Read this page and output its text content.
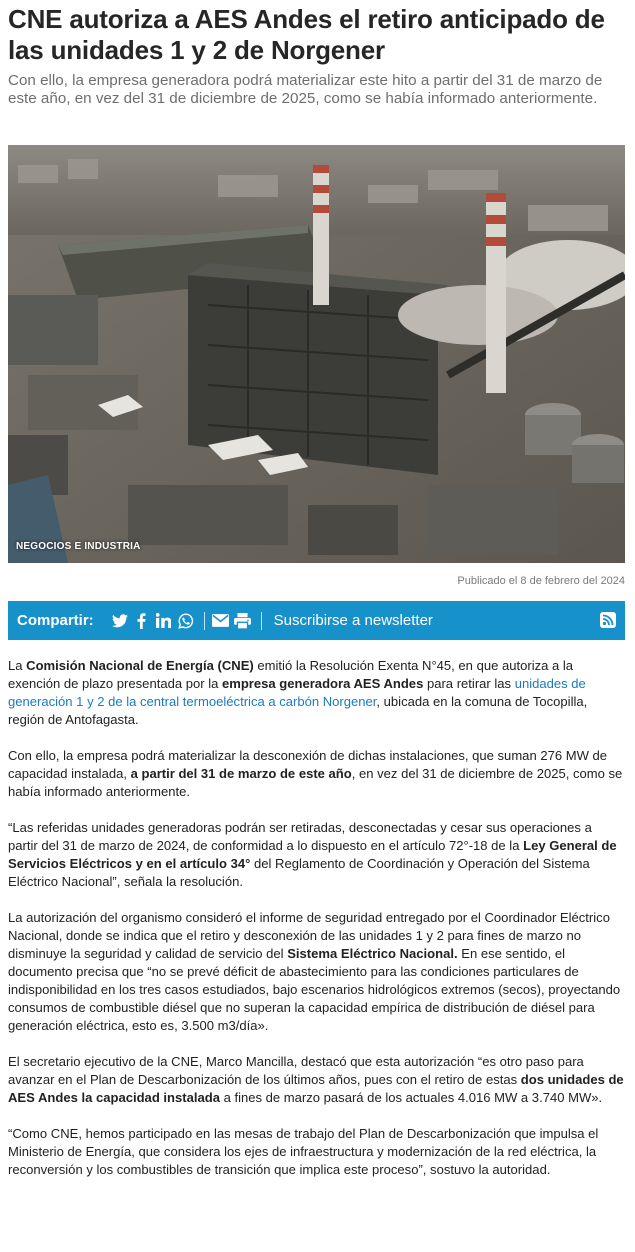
CNE autoriza a AES Andes el retiro anticipado de las unidades 1 y 2 de Norgener

Con ello, la empresa generadora podrá materializar este hito a partir del 31 de marzo de este año, en vez del 31 de diciembre de 2025, como se había informado anteriormente.

NEGOCIOS E INDUSTRIA
Publicado el 8 de febrero del 2024
Compartir:	Suscribirse a newsletter

La Comisión Nacional de Energía (CNE) emitió la Resolución Exenta N°45, en que autoriza a la exención de plazo presentada por la empresa generadora AES Andes para retirar las unidades de generación 1 y 2 de la central termoeléctrica a carbón Norgener, ubicada en la comuna de Tocopilla, región de Antofagasta.

Con ello, la empresa podrá materializar la desconexión de dichas instalaciones, que suman 276 MW de capacidad instalada, a partir del 31 de marzo de este año, en vez del 31 de diciembre de 2025, como se había informado anteriormente.

“Las referidas unidades generadoras podrán ser retiradas, desconectadas y cesar sus operaciones a partir del 31 de marzo de 2024, de conformidad a lo dispuesto en el artículo 72°-18 de la Ley General de Servicios Eléctricos y en el artículo 34° del Reglamento de Coordinación y Operación del Sistema Eléctrico Nacional”, señala la resolución.

La autorización del organismo consideró el informe de seguridad entregado por el Coordinador Eléctrico Nacional, donde se indica que el retiro y desconexión de las unidades 1 y 2 para fines de marzo no disminuye la seguridad y calidad de servicio del Sistema Eléctrico Nacional. En ese sentido, el documento precisa que “no se prevé déficit de abastecimiento para las condiciones particulares de indisponibilidad en los tres casos estudiados, bajo escenarios hidrológicos extremos (secos), proyectando consumos de combustible diésel que no superan la capacidad empírica de distribución de diésel para generación eléctrica, esto es, 3.500 m3/día».

El secretario ejecutivo de la CNE, Marco Mancilla, destacó que esta autorización “es otro paso para avanzar en el Plan de Descarbonización de los últimos años, pues con el retiro de estas dos unidades de AES Andes la capacidad instalada a fines de marzo pasará de los actuales 4.016 MW a 3.740 MW».

“Como CNE, hemos participado en las mesas de trabajo del Plan de Descarbonización que impulsa el Ministerio de Energía, que considera los ejes de infraestructura y modernización de la red eléctrica, la reconversión y los combustibles de transición que implica este proceso”, sostuvo la autoridad.
